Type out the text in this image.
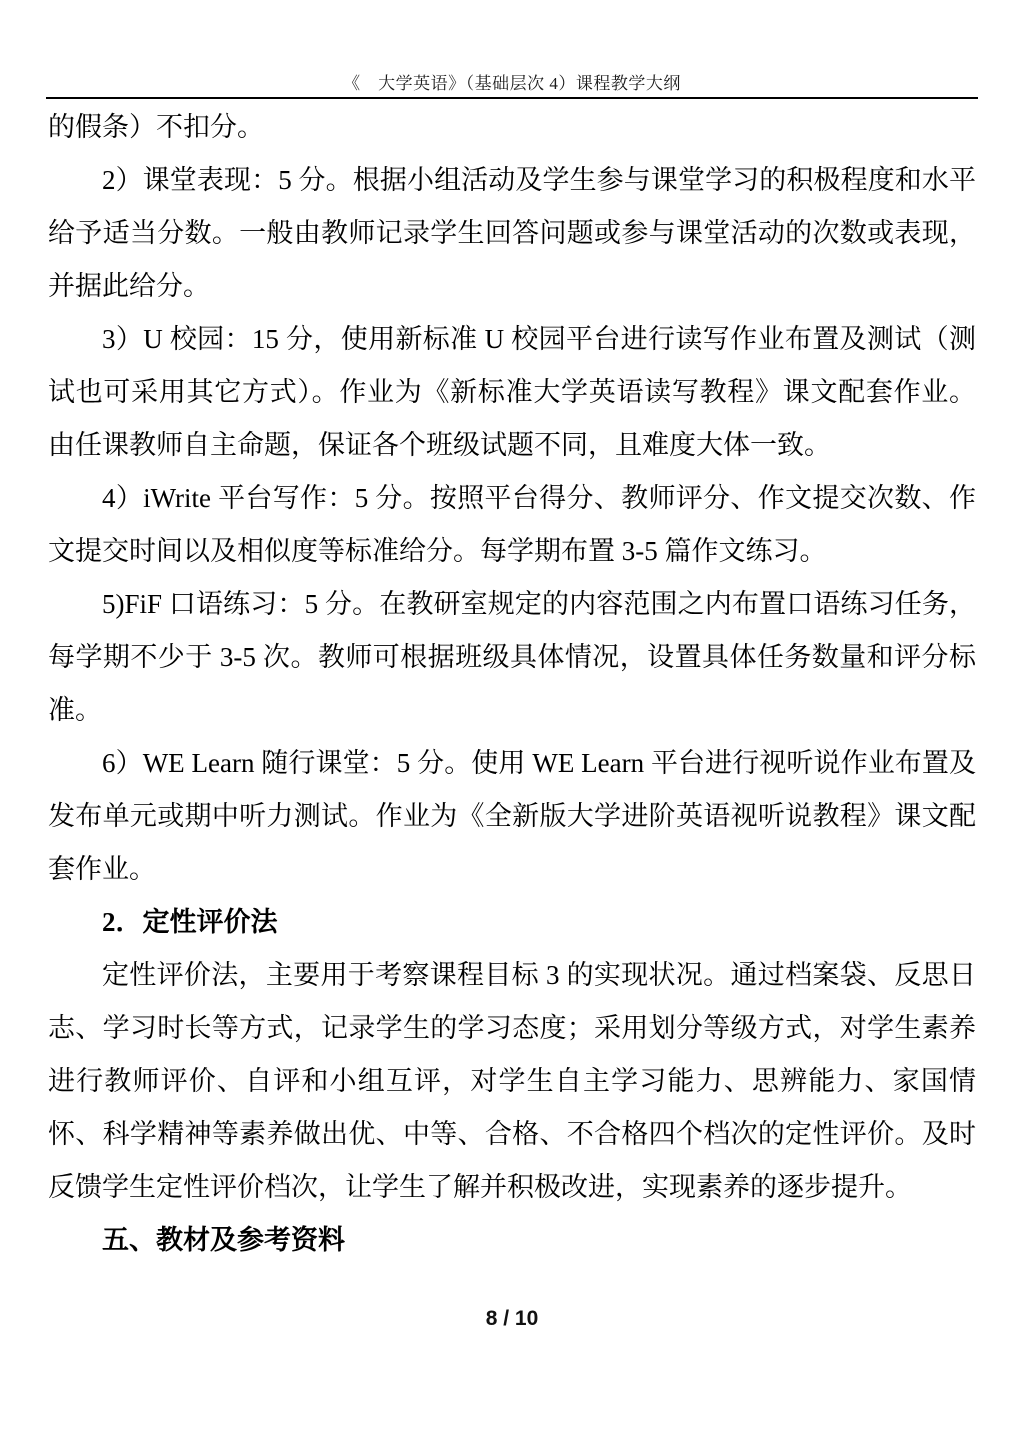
《　大学英语》（基础层次 4）课程教学大纲

的假条）不扣分。

2）课堂表现：5 分。根据小组活动及学生参与课堂学习的积极程度和水平给予适当分数。一般由教师记录学生回答问题或参与课堂活动的次数或表现，并据此给分。

3）U 校园：15 分，使用新标准 U 校园平台进行读写作业布置及测试（测试也可采用其它方式）。作业为《新标准大学英语读写教程》课文配套作业。由任课教师自主命题，保证各个班级试题不同，且难度大体一致。

4）iWrite 平台写作：5 分。按照平台得分、教师评分、作文提交次数、作文提交时间以及相似度等标准给分。每学期布置 3-5 篇作文练习。

5)FiF 口语练习：5 分。在教研室规定的内容范围之内布置口语练习任务，每学期不少于 3-5 次。教师可根据班级具体情况，设置具体任务数量和评分标准。

6）WE Learn 随行课堂：5 分。使用 WE Learn 平台进行视听说作业布置及发布单元或期中听力测试。作业为《全新版大学进阶英语视听说教程》课文配套作业。

2．定性评价法

定性评价法，主要用于考察课程目标 3 的实现状况。通过档案袋、反思日志、学习时长等方式，记录学生的学习态度；采用划分等级方式，对学生素养进行教师评价、自评和小组互评，对学生自主学习能力、思辨能力、家国情怀、科学精神等素养做出优、中等、合格、不合格四个档次的定性评价。及时反馈学生定性评价档次，让学生了解并积极改进，实现素养的逐步提升。

五、教材及参考资料

8 / 10
